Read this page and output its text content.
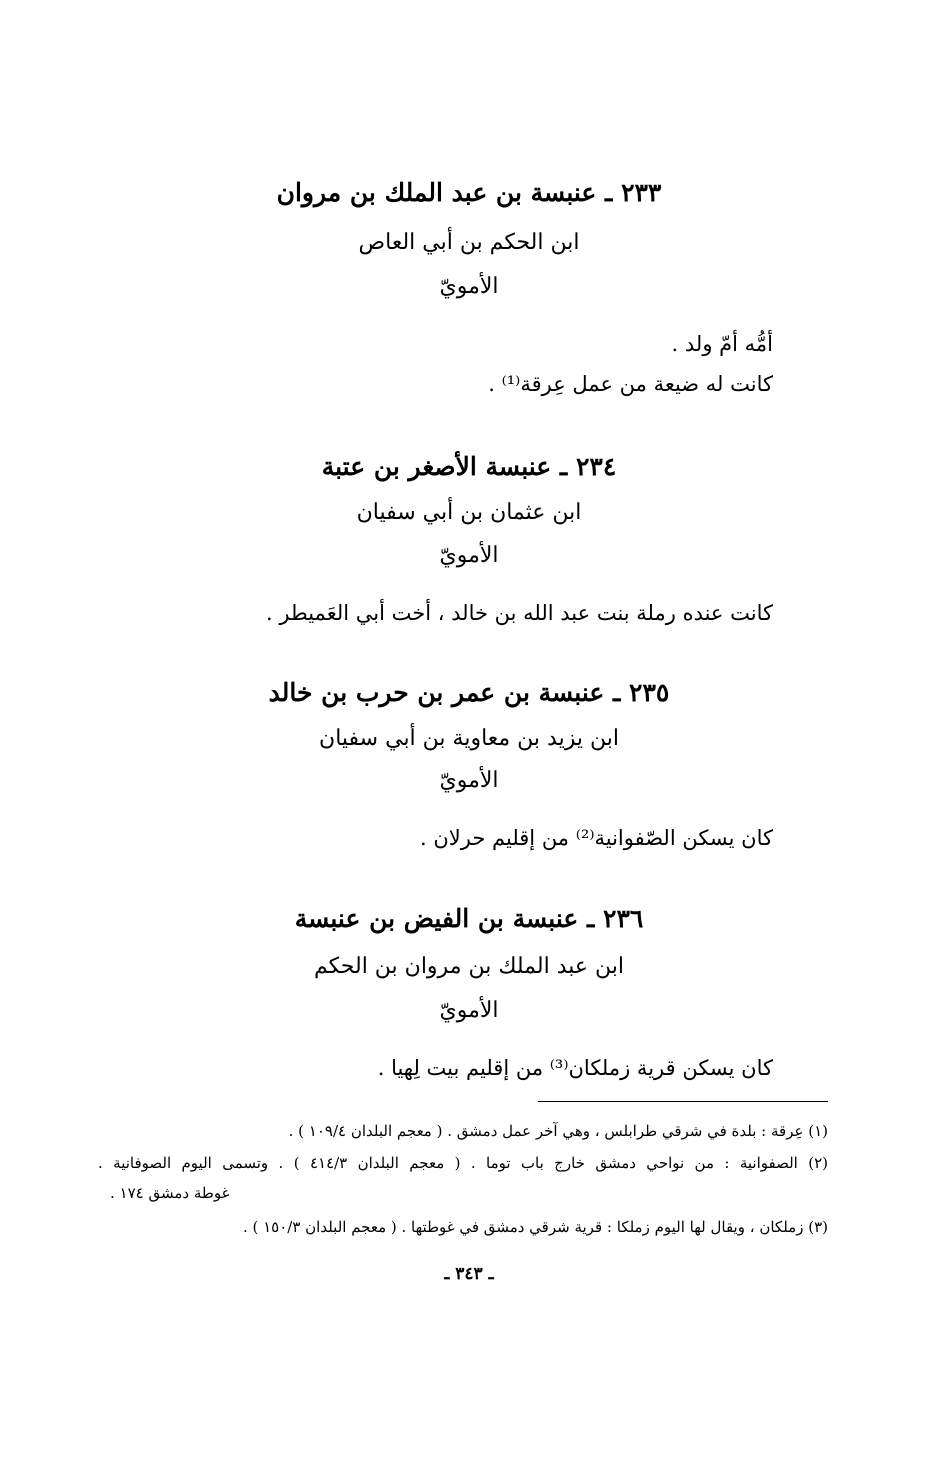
٢٣٣ ـ عنبسة بن عبد الملك بن مروان
ابن الحكم بن أبي العاص
الأمويّ
أمُّه أمّ ولد .
كانت له ضيعة من عمل عِرقة⁽¹⁾ .
٢٣٤ ـ عنبسة الأصغر بن عتبة
ابن عثمان بن أبي سفيان
الأمويّ
كانت عنده رملة بنت عبد الله بن خالد ، أخت أبي العَميطر .
٢٣٥ ـ عنبسة بن عمر بن حرب بن خالد
ابن يزيد بن معاوية بن أبي سفيان
الأمويّ
كان يسكن الصّفوانية⁽²⁾ من إقليم حرلان .
٢٣٦ ـ عنبسة بن الفيض بن عنبسة
ابن عبد الملك بن مروان بن الحكم
الأمويّ
كان يسكن قرية زملكان⁽³⁾ من إقليم بيت لِهيا .
(١) عِرقة : بلدة في شرقي طرابلس ، وهي آخر عمل دمشق . ( معجم البلدان ١٠٩/٤ ) .
(٢) الصفوانية : من نواحي دمشق خارج باب توما . ( معجم البلدان ٤١٤/٣ ) . وتسمى اليوم الصوفانية .
غوطة دمشق ١٧٤ .
(٣) زملكان ، ويقال لها اليوم زملكا : قرية شرقي دمشق في غوطتها . ( معجم البلدان ١٥٠/٣ ) .
ـ ٣٤٣ ـ
